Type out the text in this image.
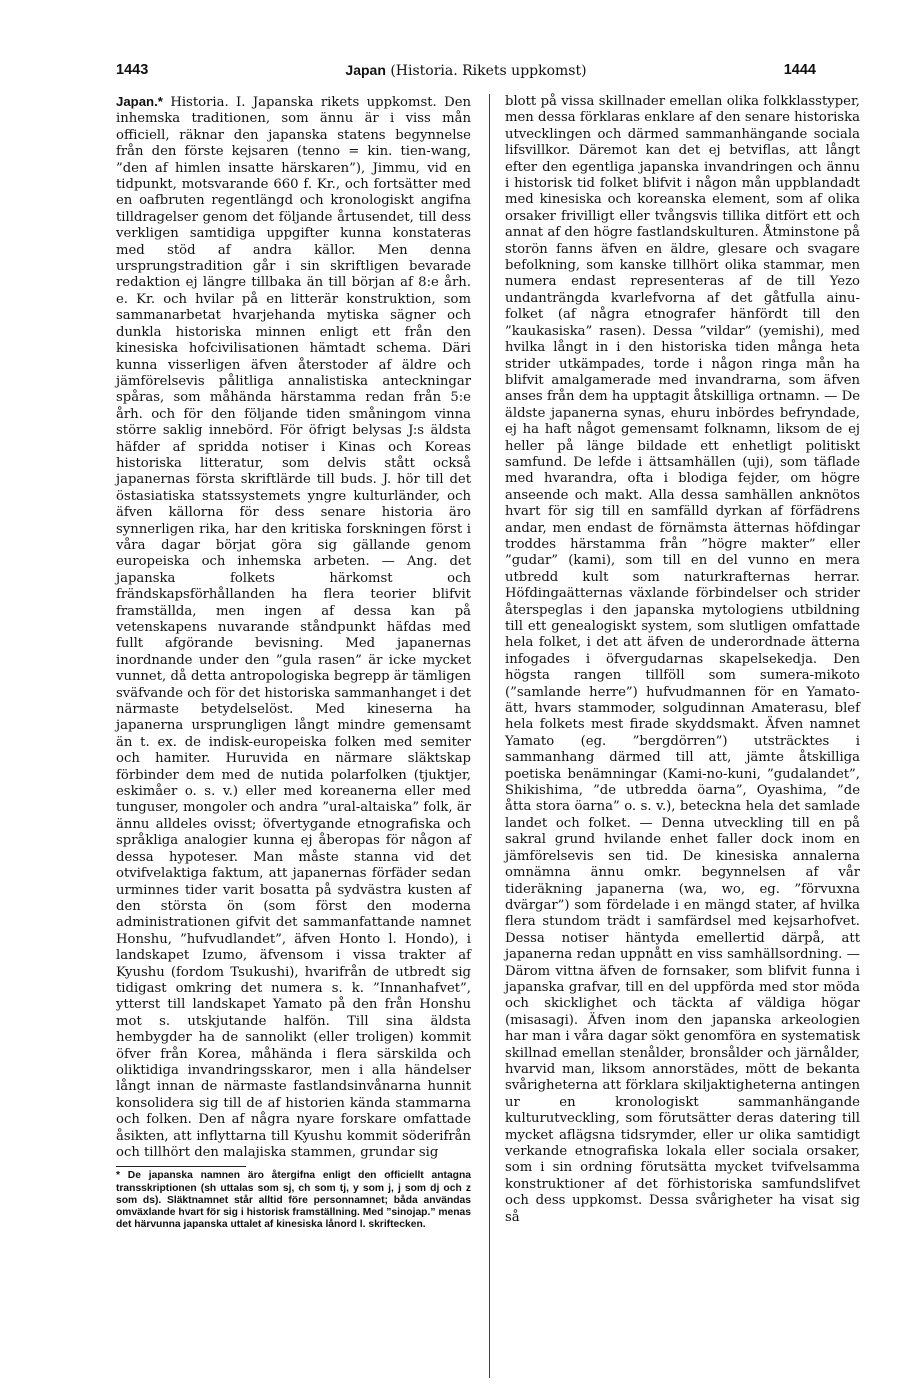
1443	Japan (Historia. Rikets uppkomst)	1444

Japan.* Historia. I. Japanska rikets uppkomst. Den inhemska traditionen, som ännu är i viss mån officiell, räknar den japanska statens begynnelse från den förste kejsaren (tenno = kin. tien-wang, ”den af himlen insatte härskaren”), Jimmu, vid en tidpunkt, motsvarande 660 f. Kr., och fortsätter med en oafbruten regentlängd och kronologiskt angifna tilldragelser genom det följande årtusendet, till dess verkligen samtidiga uppgifter kunna konstateras med stöd af andra källor. Men denna ursprungstradition går i sin skriftligen bevarade redaktion ej längre tillbaka än till början af 8:e årh. e. Kr. och hvilar på en litterär konstruktion, som sammanarbetat hvarjehanda mytiska sägner och dunkla historiska minnen enligt ett från den kinesiska hofcivilisationen hämtadt schema. Däri kunna visserligen äfven återstoder af äldre och jämförelsevis pålitliga annalistiska anteckningar spåras, som måhända härstamma redan från 5:e årh. och för den följande tiden småningom vinna större saklig innebörd. För öfrigt belysas J:s äldsta häfder af spridda notiser i Kinas och Koreas historiska litteratur, som delvis stått också japanernas första skriftlärde till buds. J. hör till det östasiatiska statssystemets yngre kulturländer, och äfven källorna för dess senare historia äro synnerligen rika, har den kritiska forskningen först i våra dagar börjat göra sig gällande genom europeiska och inhemska arbeten. — Ang. det japanska folkets härkomst och frändskapsförhållanden ha flera teorier blifvit framställda, men ingen af dessa kan på vetenskapens nuvarande ståndpunkt häfdas med fullt afgörande bevisning. Med japanernas inordnande under den ”gula rasen” är icke mycket vunnet, då detta antropologiska begrepp är tämligen sväfvande och för det historiska sammanhanget i det närmaste betydelselöst. Med kineserna ha japanerna ursprungligen långt mindre gemensamt än t. ex. de indisk-europeiska folken med semiter och hamiter. Huruvida en närmare släktskap förbinder dem med de nutida polarfolken (tjuktjer, eskimåer o. s. v.) eller med koreanerna eller med tunguser, mongoler och andra ”ural-altaiska” folk, är ännu alldeles ovisst; öfvertygande etnografiska och språkliga analogier kunna ej åberopas för någon af dessa hypoteser. Man måste stanna vid det otvifvelaktiga faktum, att japanernas förfäder sedan urminnes tider varit bosatta på sydvästra kusten af den största ön (som först den moderna administrationen gifvit det sammanfattande namnet Honshu, ”hufvudlandet”, äfven Honto l. Hondo), i landskapet Izumo, äfvensom i vissa trakter af Kyushu (fordom Tsukushi), hvarifrån de utbredt sig tidigast omkring det numera s. k. ”Innanhafvet”, ytterst till landskapet Yamato på den från Honshu mot s. utskjutande halfön. Till sina äldsta hembygder ha de sannolikt (eller troligen) kommit öfver från Korea, måhända i flera särskilda och oliktidiga invandringsskaror, men i alla händelser långt innan de närmaste fastlandsinvånarna hunnit konsolidera sig till de af historien kända stammarna och folken. Den af några nyare forskare omfattade åsikten, att inflyttarna till Kyushu kommit söderifrån och tillhört den malajiska stammen, grundar sig

* De japanska namnen äro återgifna enligt den officiellt antagna transskriptionen (sh uttalas som sj, ch som tj, y som j, j som dj och z som ds). Släktnamnet står alltid före personnamnet; båda användas omväxlande hvart för sig i historisk framställning. Med ”sinojap.” menas det härvunna japanska uttalet af kinesiska lånord l. skriftecken.

blott på vissa skillnader emellan olika folkklasstyper, men dessa förklaras enklare af den senare historiska utvecklingen och därmed sammanhängande sociala lifsvillkor. Däremot kan det ej betviflas, att långt efter den egentliga japanska invandringen och ännu i historisk tid folket blifvit i någon mån uppblandadt med kinesiska och koreanska element, som af olika orsaker frivilligt eller tvångsvis tillika ditfört ett och annat af den högre fastlandskulturen. Åtminstone på storön fanns äfven en äldre, glesare och svagare befolkning, som kanske tillhört olika stammar, men numera endast representeras af de till Yezo undanträngda kvarlefvorna af det gåtfulla ainu-folket (af några etnografer hänfördt till den ”kaukasiska” rasen). Dessa ”vildar” (yemishi), med hvilka långt in i den historiska tiden många heta strider utkämpades, torde i någon ringa mån ha blifvit amalgamerade med invandrarna, som äfven anses från dem ha upptagit åtskilliga ortnamn. — De äldste japanerna synas, ehuru inbördes befryndade, ej ha haft något gemensamt folknamn, liksom de ej heller på länge bildade ett enhetligt politiskt samfund. De lefde i ättsamhällen (uji), som täflade med hvarandra, ofta i blodiga fejder, om högre anseende och makt. Alla dessa samhällen anknötos hvart för sig till en samfälld dyrkan af förfädrens andar, men endast de förnämsta ätternas höfdingar troddes härstamma från ”högre makter” eller ”gudar” (kami), som till en del vunno en mera utbredd kult som naturkrafternas herrar. Höfdingaätternas växlande förbindelser och strider återspeglas i den japanska mytologiens utbildning till ett genealogiskt system, som slutligen omfattade hela folket, i det att äfven de underordnade ätterna infogades i öfvergudarnas skapelsekedja. Den högsta rangen tillföll som sumera-mikoto (”samlande herre”) hufvudmannen för en Yamato-ätt, hvars stammoder, solgudinnan Amaterasu, blef hela folkets mest firade skyddsmakt. Äfven namnet Yamato (eg. ”bergdörren”) utsträcktes i sammanhang därmed till att, jämte åtskilliga poetiska benämningar (Kami-no-kuni, ”gudalandet”, Shikishima, ”de utbredda öarna”, Oyashima, ”de åtta stora öarna” o. s. v.), beteckna hela det samlade landet och folket. — Denna utveckling till en på sakral grund hvilande enhet faller dock inom en jämförelsevis sen tid. De kinesiska annalerna omnämna ännu omkr. begynnelsen af vår tideräkning japanerna (wa, wo, eg. ”förvuxna dvärgar”) som fördelade i en mängd stater, af hvilka flera stundom trädt i samfärdsel med kejsarhofvet. Dessa notiser häntyda emellertid därpå, att japanerna redan uppnått en viss samhällsordning. — Därom vittna äfven de fornsaker, som blifvit funna i japanska grafvar, till en del uppförda med stor möda och skicklighet och täckta af väldiga högar (misasagi). Äfven inom den japanska arkeologien har man i våra dagar sökt genomföra en systematisk skillnad emellan stenålder, bronsålder och järnålder, hvarvid man, liksom annorstädes, mött de bekanta svårigheterna att förklara skiljaktigheterna antingen ur en kronologiskt sammanhängande kulturutveckling, som förutsätter deras datering till mycket aflägsna tidsrymder, eller ur olika samtidigt verkande etnografiska lokala eller sociala orsaker, som i sin ordning förutsätta mycket tvifvelsamma konstruktioner af det förhistoriska samfundslifvet och dess uppkomst. Dessa svårigheter ha visat sig så
